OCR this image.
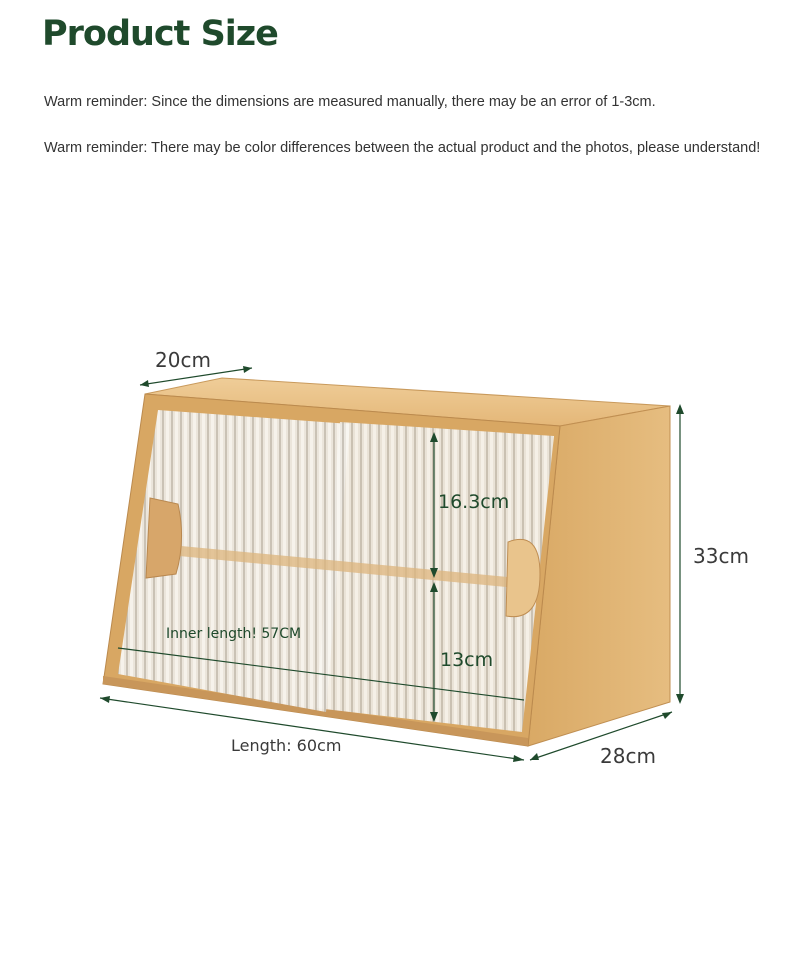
Product Size
Warm reminder: Since the dimensions are measured manually, there may be an error of 1-3cm.
Warm reminder: There may be color differences between the actual product and the photos, please understand!
20cm
33cm
16.3cm
13cm
Inner length! 57CM
Length: 60cm	28cm
